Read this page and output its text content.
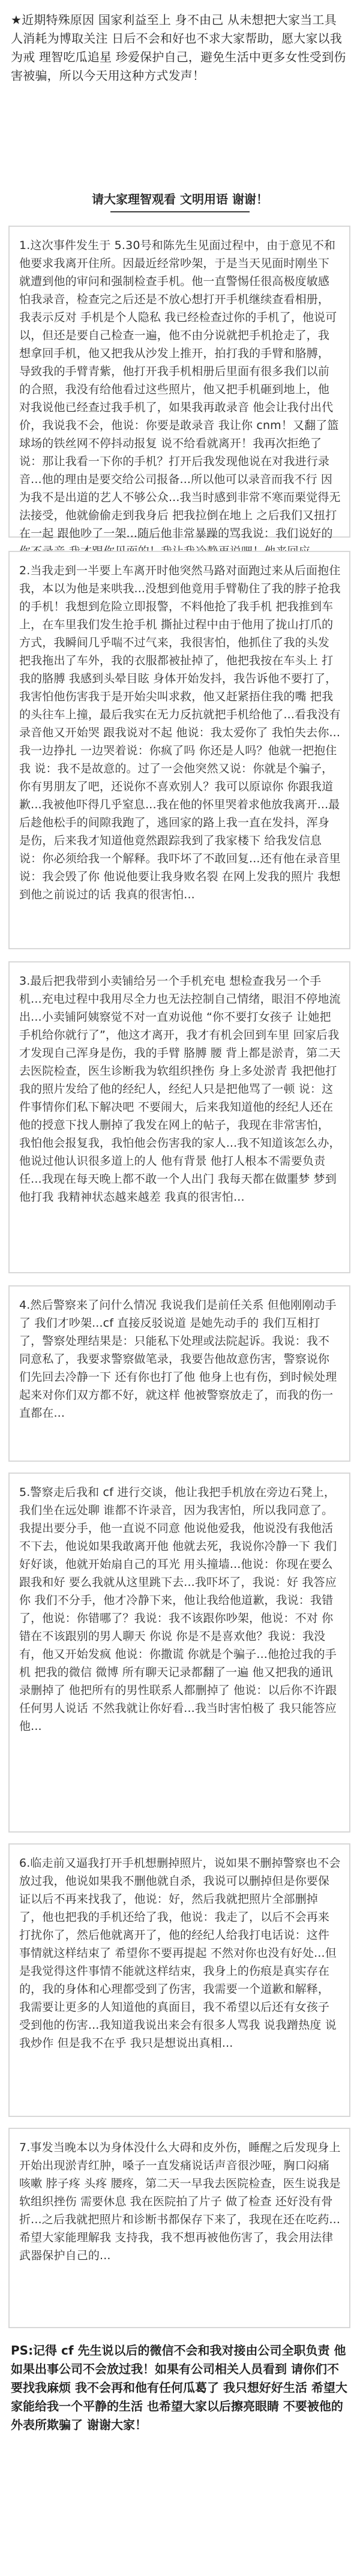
★近期特殊原因 国家利益至上 身不由己 从未想把大家当工具人消耗为博取关注 日后不会和好也不求大家帮助，愿大家以我为戒 理智吃瓜追星 珍爱保护自己，避免生活中更多女性受到伤害被骗，所以今天用这种方式发声！
请大家理智观看 文明用语 谢谢！
1.这次事件发生于 5.30号和陈先生见面过程中，由于意见不和 他要求我离开住所。因最近经常吵架，于是当天见面时刚坐下就遭到他的审问和强制检查手机。他一直警惕任很高极度敏感怕我录音，检查完之后还是不放心想打开手机继续查看相册，我表示反对 手机是个人隐私 我已经检查过你的手机了，他说可以，但还是要自己检查一遍，他不由分说就把手机抢走了，我想拿回手机，他又把我从沙发上推开，拍打我的手臂和胳膊，导致我的手臂青紫，他打开我手机相册后里面有很多我们以前的合照，我没有给他看过这些照片，他又把手机砸到地上，他对我说他已经查过我手机了，如果我再敢录音 他会让我付出代价，我说我不会，他说：你要是敢录音 我让你 cnm！又翻了篮球场的铁丝网不停抖动报复 说不给看就离开！我再次拒绝了说：那让我看一下你的手机？打开后我发现他说在对我进行录音...他的理由是要交给公司报备...所以他可以录音而我不行 因为我不是出道的艺人不够公众...我当时感到非常不寒而栗觉得无法接受，他就偷偷走到我身后 把我拉倒在地上 之后我们又扭打在一起 跟他吵了一架...随后他非常暴躁的骂我说：我们说好的
2.当我走到一半要上车离开时他突然马路对面跑过来从后面抱住我，本以为他是来哄我...没想到他竟用手臂勒住了我的脖子抢我的手机！我想到危险立即报警，不料他抢了我手机 把我推到车上，在车里我们发生抢手机 撕扯过程中由于他用了拢山打爪的方式，我瞬间几乎喘不过气来，我很害怕，他抓住了我的头发 把我拖出了车外，我的衣服都被扯掉了，他把我按在车头上 打我的胳膊 我感到头晕目眩 身体开始发抖，我告诉他不要打了，我害怕他伤害我于是开始尖叫求救，他又赶紧捂住我的嘴 把我的头往车上撞，最后我实在无力反抗就把手机给他了...看我没有录音他又开始哭 跟我说对不起 他说：我太爱你了 我怕失去你...我一边挣扎 一边哭着说：你疯了吗 你还是人吗？他就一把抱住我 说：我不是故意的。过了一会他突然又说：你就是个骗子，你有男朋友了吧，还说你不喜欢别人？我可以原谅你 你跟我道歉...我被他吓得几乎窒息...我在他的怀里哭着求他放我离开...最后趁他松手的间隙我跑了，逃回家的路上我一直在发抖，浑身是伤，后来我才知道他竟然跟踪我到了我家楼下 给我发信息说：你必须给我一个解释。我吓坏了不敢回复...还有他在录音里说：我会毁了你 他说他要让我身败名裂 在网上发我的照片 我想到他之前说过的话 我真的很害怕...
3.最后把我带到小卖铺给另一个手机充电 想检查我另一个手机...充电过程中我用尽全力也无法控制自己情绪，眼泪不停地流出...小卖铺阿姨察觉不对一直劝说他 “你不要打女孩子 让她把手机给你就行了”，他这才离开，我才有机会回到车里 回家后我才发现自己浑身是伤，我的手臂 胳膊 腰 背上都是淤青，第二天去医院检查，医生诊断我为软组织挫伤 身上多处淤青 我把他打我的照片发给了他的经纪人，经纪人只是把他骂了一顿 说：这件事情你们私下解决吧 不要闹大，后来我知道他的经纪人还在他的授意下找人删掉了我发在网上的帖子，我现在非常害怕，我怕他会报复我，我怕他会伤害我的家人...我不知道该怎么办，他说过他认识很多道上的人 他有背景 他打人根本不需要负责任...我现在每天晚上都不敢一个人出门 我每天都在做噩梦 梦到他打我 我精神状态越来越差 我真的很害怕...
4.然后警察来了问什么情况 我说我们是前任关系 但他刚刚动手了 我们才吵架...cf 直接反驳说道 是她先动手的 我们互相打了，警察处理结果是：只能私下处理或法院起诉。我说：我不同意私了，我要求警察做笔录，我要告他故意伤害，警察说你们先回去冷静一下 还有你也打了他 他身上也有伤，到时候处理起来对你们双方都不好，就这样 他被警察放走了，而我的伤一直都在...
5.警察走后我和 cf 进行交谈，他让我把手机放在旁边石凳上，我们坐在远处聊 谁都不许录音，因为我害怕，所以我同意了。我提出要分手，他一直说不同意 他说他爱我，他说没有我他活不下去，他说如果我敢离开他 他就去死，我说你冷静一下 我们好好谈，他就开始扇自己的耳光 用头撞墙...他说：你现在要么跟我和好 要么我就从这里跳下去...我吓坏了，我说：好 我答应你 我们不分手，他才冷静下来，他让我给他道歉，我说：我错了，他说：你错哪了？我说：我不该跟你吵架，他说：不对 你错在不该跟别的男人聊天 你说 你是不是喜欢他？我说：我没有，他又开始发疯 他说：你撒谎 你就是个骗子...他抢过我的手机 把我的微信 微博 所有聊天记录都翻了一遍 他又把我的通讯录删掉了 他把所有的男性联系人都删掉了 他说：以后你不许跟任何男人说话 不然我就让你好看...我当时害怕极了 我只能答应他...
6.临走前又逼我打开手机想删掉照片，说如果不删掉警察也不会放过我，他说如果我不删他就自杀，我说可以删掉但是你要保证以后不再来找我了，他说：好，然后我就把照片全部删掉了，他也把我的手机还给了我，他说：我走了，以后不会再来打扰你了，然后他就离开了，他的经纪人给我打电话说：这件事情就这样结束了 希望你不要再提起 不然对你也没有好处...但是我觉得这件事情不能就这样结束，我身上的伤痕是真实存在的，我的身体和心理都受到了伤害，我需要一个道歉和解释，我需要让更多的人知道他的真面目，我不希望以后还有女孩子受到他的伤害...我知道我说出来会有很多人骂我 说我蹭热度 说我炒作 但是我不在乎 我只是想说出真相...
7.事发当晚本以为身体没什么大碍和皮外伤，睡醒之后发现身上开始出现淤青红肿，嗓子一直发痛说话声音很沙哑，胸口闷痛 咳嗽 脖子疼 头疼 腰疼，第二天一早我去医院检查，医生说我是软组织挫伤 需要休息 我在医院拍了片子 做了检查 还好没有骨折...之后我就把照片和诊断书都保存下来了，我现在还在吃药...希望大家能理解我 支持我，我不想再被他伤害了，我会用法律武器保护自己的...
PS:记得 cf 先生说以后的微信不会和我对接由公司全职负责 他如果出事公司不会放过我！如果有公司相关人员看到 请你们不要找我麻烦 我不会再和他有任何瓜葛了 我只想好好生活 希望大家能给我一个平静的生活 也希望大家以后擦亮眼睛 不要被他的外表所欺骗了 谢谢大家！
